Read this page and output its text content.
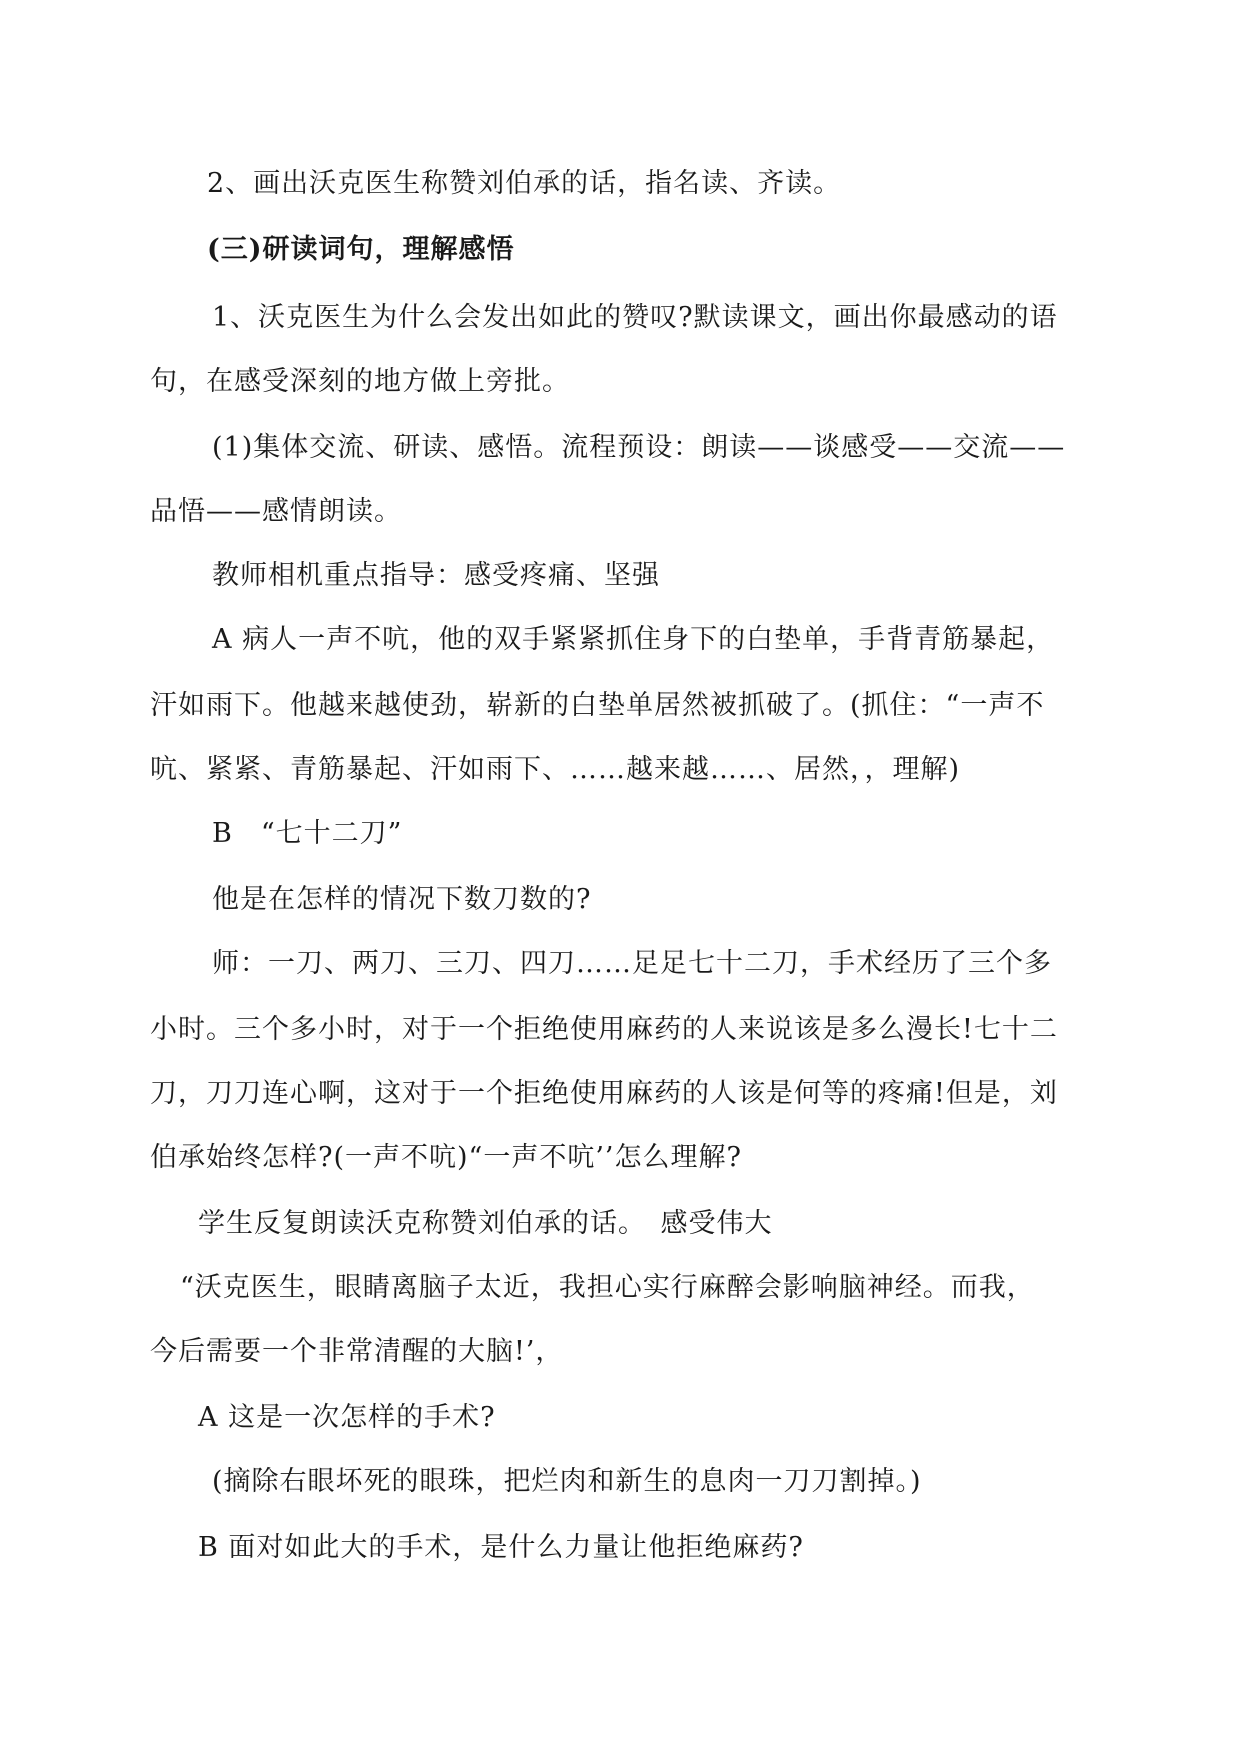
2、画出沃克医生称赞刘伯承的话，指名读、齐读。
(三)研读词句，理解感悟
1、沃克医生为什么会发出如此的赞叹?默读课文，画出你最感动的语
句，在感受深刻的地方做上旁批。
(1)集体交流、研读、感悟。流程预设：朗读——谈感受——交流——
品悟——感情朗读。
教师相机重点指导：感受疼痛、坚强
A 病人一声不吭，他的双手紧紧抓住身下的白垫单，手背青筋暴起，
汗如雨下。他越来越使劲，崭新的白垫单居然被抓破了。(抓住：“一声不
吭、紧紧、青筋暴起、汗如雨下、……越来越……、居然，，理解)
B　“七十二刀”
他是在怎样的情况下数刀数的?
师：一刀、两刀、三刀、四刀……足足七十二刀，手术经历了三个多
小时。三个多小时，对于一个拒绝使用麻药的人来说该是多么漫长!七十二
刀，刀刀连心啊，这对于一个拒绝使用麻药的人该是何等的疼痛!但是，刘
伯承始终怎样?(一声不吭)“一声不吭’’怎么理解?
学生反复朗读沃克称赞刘伯承的话。　感受伟大
“沃克医生，眼睛离脑子太近，我担心实行麻醉会影响脑神经。而我，
今后需要一个非常清醒的大脑!’，
A 这是一次怎样的手术?
(摘除右眼坏死的眼珠，把烂肉和新生的息肉一刀刀割掉。)
B 面对如此大的手术，是什么力量让他拒绝麻药?
